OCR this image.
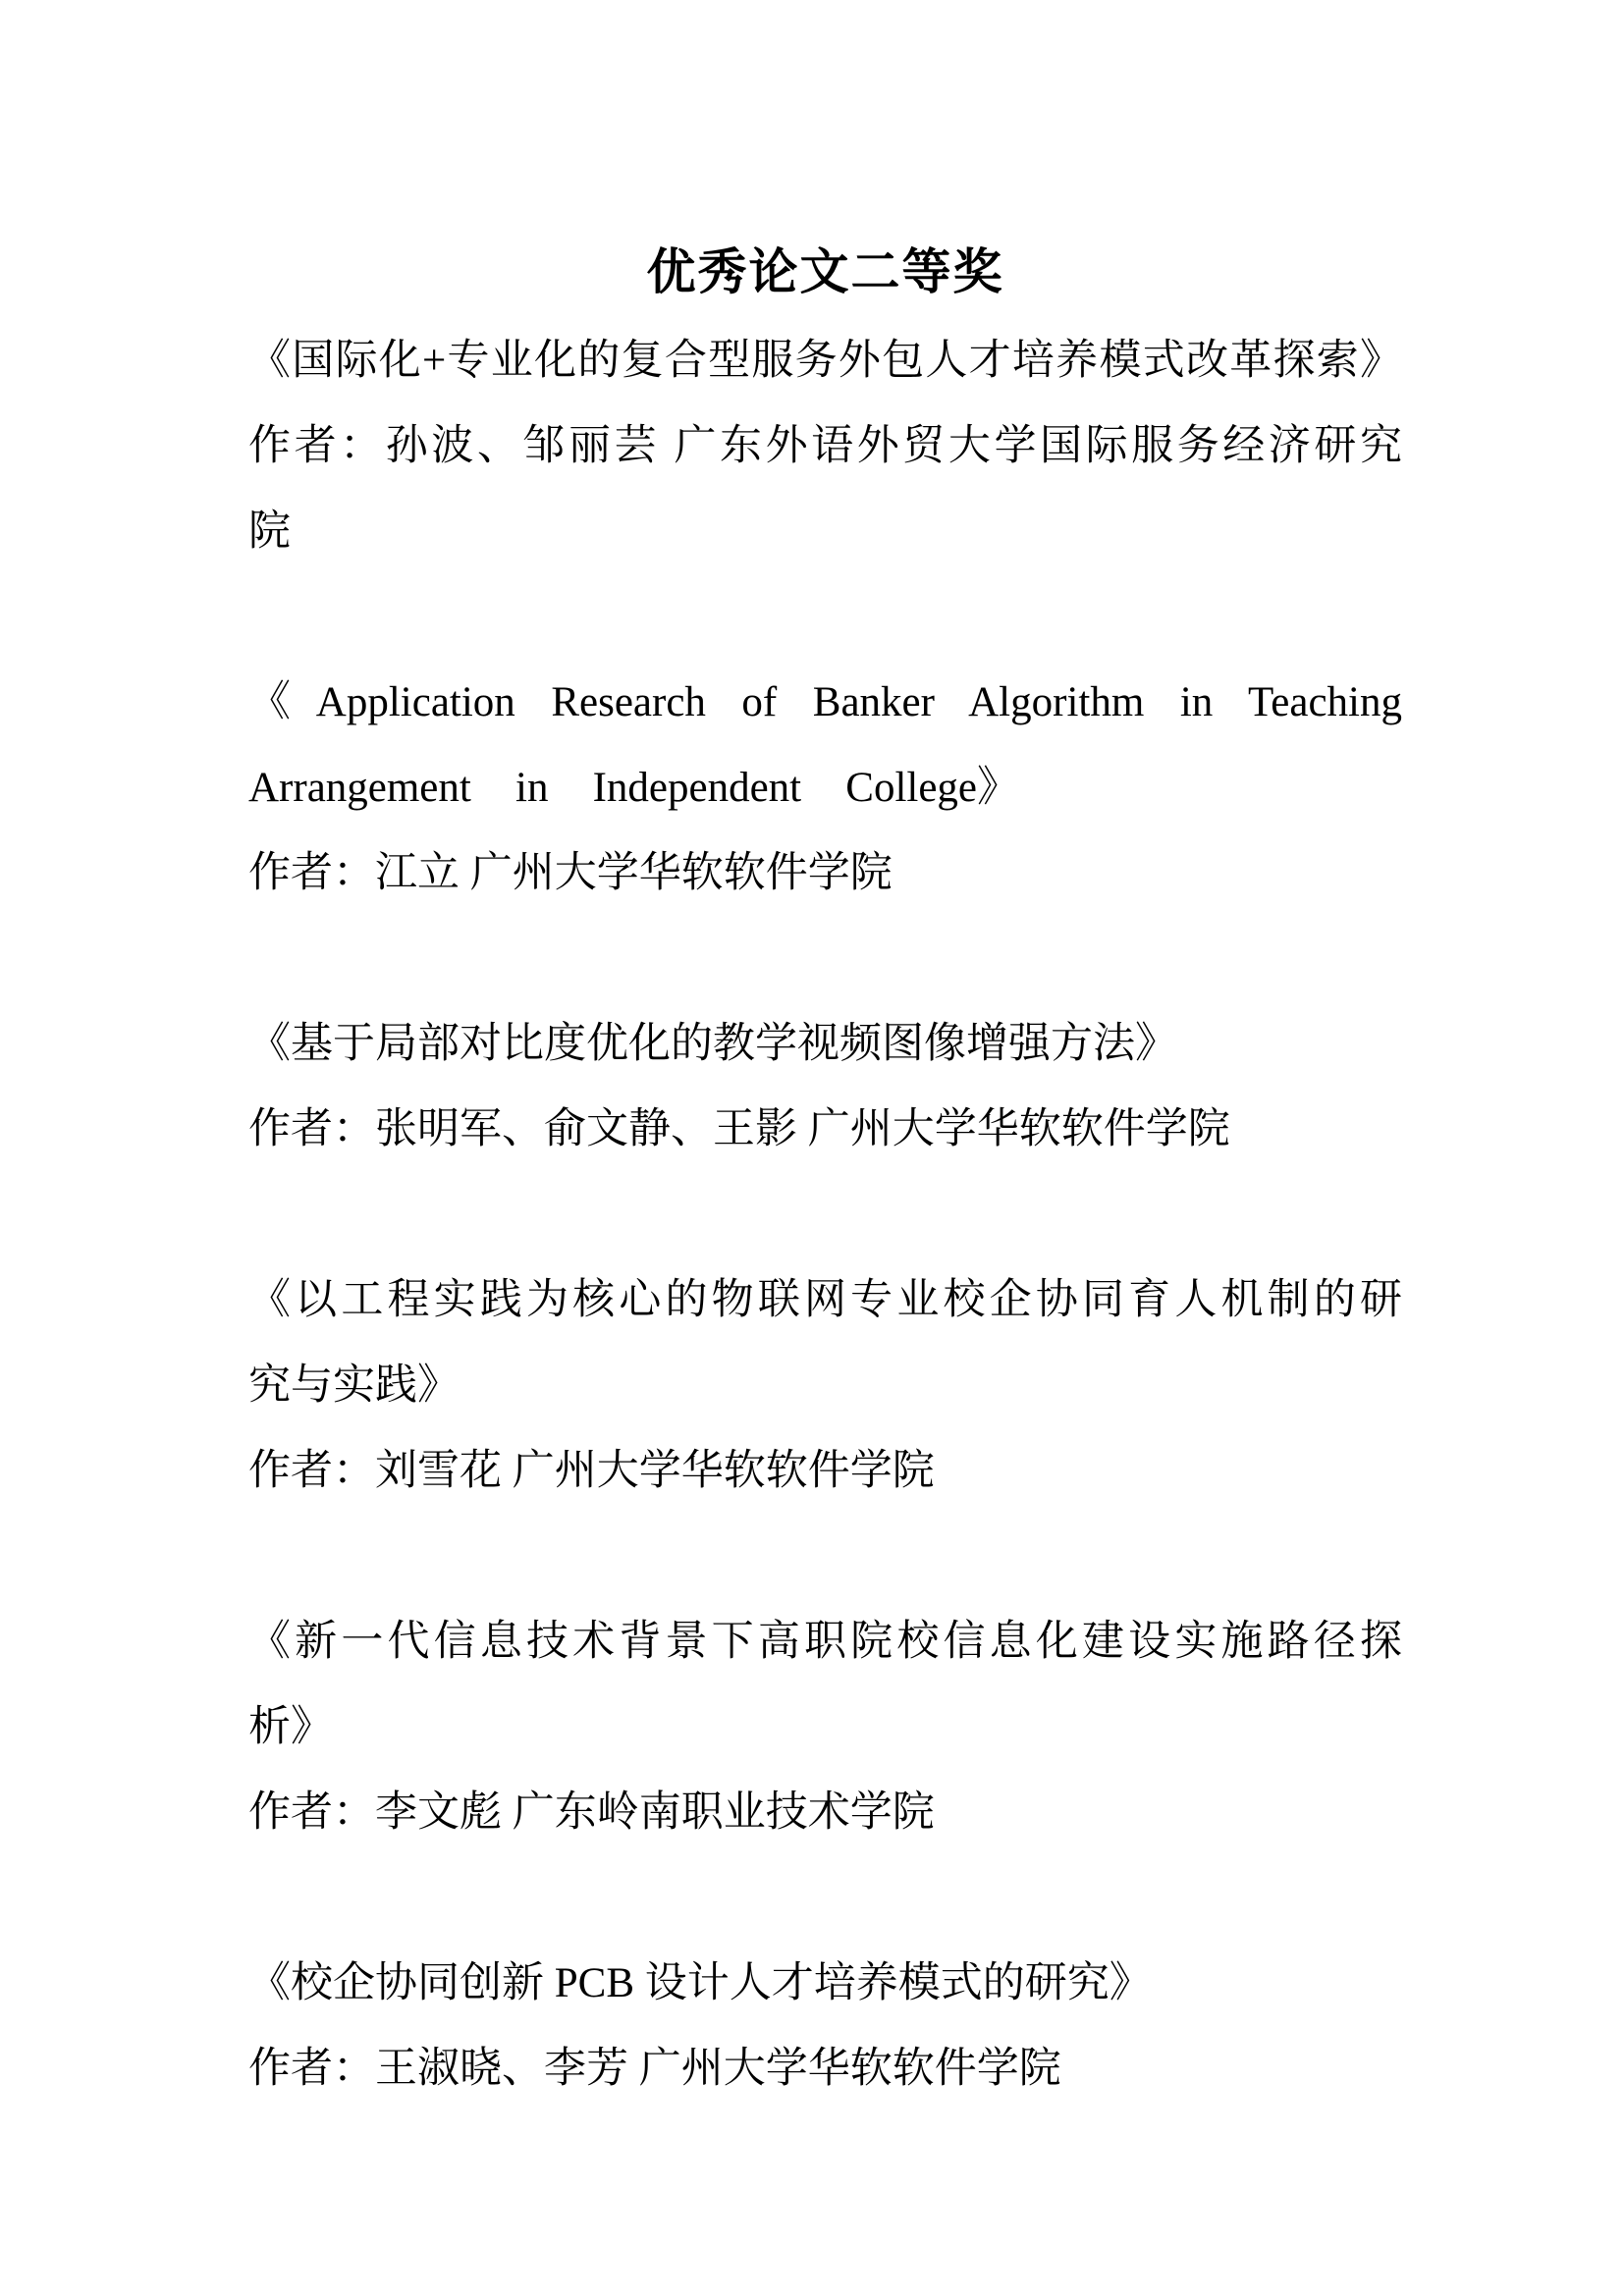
优秀论文二等奖
《国际化+专业化的复合型服务外包人才培养模式改革探索》
作者：孙波、邹丽芸 广东外语外贸大学国际服务经济研究
院
《Application Research of Banker Algorithm in Teaching
Arrangement in Independent College》
作者：江立 广州大学华软软件学院
《基于局部对比度优化的教学视频图像增强方法》
作者：张明军、俞文静、王影 广州大学华软软件学院
《以工程实践为核心的物联网专业校企协同育人机制的研
究与实践》
作者：刘雪花 广州大学华软软件学院
《新一代信息技术背景下高职院校信息化建设实施路径探
析》
作者：李文彪 广东岭南职业技术学院
《校企协同创新 PCB 设计人才培养模式的研究》
作者：王淑晓、李芳 广州大学华软软件学院
